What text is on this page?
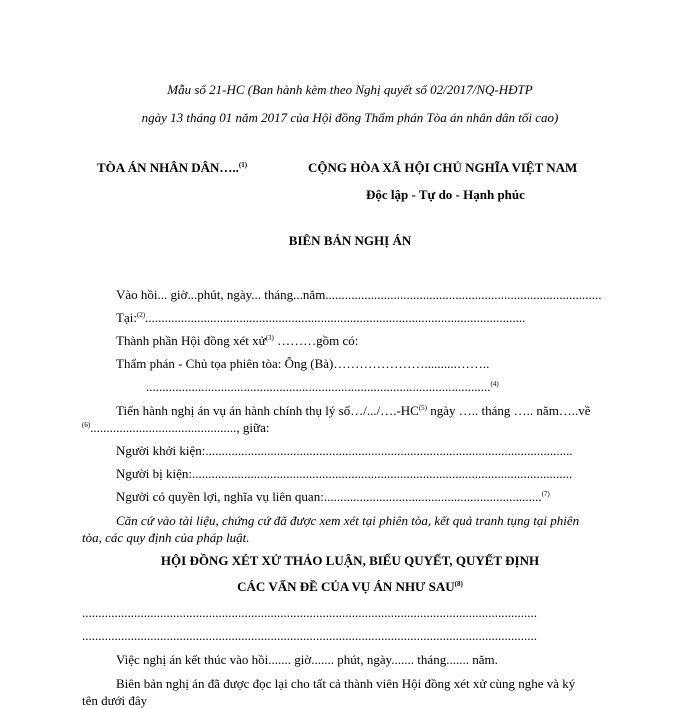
Mẫu số 21-HC (Ban hành kèm theo Nghị quyết số 02/2017/NQ-HĐTP
ngày 13 tháng 01 năm 2017 của Hội đồng Thẩm phán Tòa án nhân dân tối cao)
TÒA ÁN NHÂN DÂN…..$^{(1)}$	CỘNG HÒA XÃ HỘI CHỦ NGHĨA VIỆT NAM
Độc lập - Tự do - Hạnh phúc
BIÊN BẢN NGHỊ ÁN
Vào hồi... giờ...phút, ngày... tháng...năm.....................................................................................
Tại:$^{(2)}$.....................................................................................................................
Thành phần Hội đồng xét xử$^{(3)}$ ………gồm có:
Thẩm phán - Chủ tọa phiên tòa: Ông (Bà)…………………..........……..
..........................................................................................................$^{(4)}$
Tiến hành nghị án vụ án hành chính thụ lý số…/.../….-HC$^{(5)}$ ngày ….. tháng ….. năm…..về
$^{(6)}$............................................., giữa:
Người khởi kiện:.................................................................................................................
Người bị kiện:.....................................................................................................................
Người có quyền lợi, nghĩa vụ liên quan:...................................................................$^{(7)}$
Căn cứ vào tài liệu, chứng cứ đã được xem xét tại phiên tòa, kết quả tranh tụng tại phiên
tòa, các quy định của pháp luật.
HỘI ĐỒNG XÉT XỬ THẢO LUẬN, BIỂU QUYẾT, QUYẾT ĐỊNH
CÁC VẤN ĐỀ CỦA VỤ ÁN NHƯ SAU$^{(8)}$
............................................................................................................................................
............................................................................................................................................
Việc nghị án kết thúc vào hồi....... giờ....... phút, ngày....... tháng....... năm.
Biên bản nghị án đã được đọc lại cho tất cả thành viên Hội đồng xét xử cùng nghe và ký
tên dưới đây
